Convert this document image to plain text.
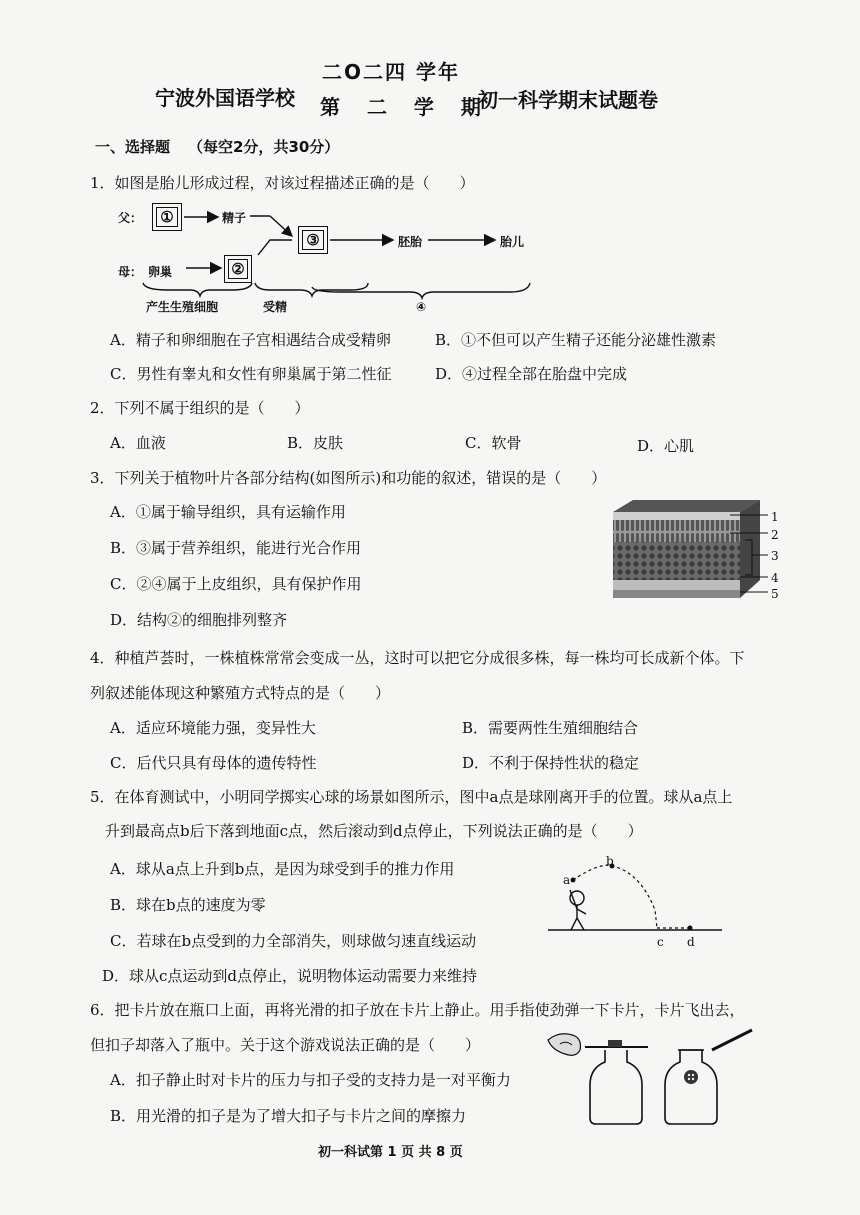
二O二四 学年
宁波外国语学校 第 二 学 期
初一科学期末试题卷
一、选择题 （每空2分，共30分）
1．如图是胎儿形成过程，对该过程描述正确的是（　　）
父： ①	精子
母： 卵巢	②
③	胚胎	胎儿
产生生殖细胞	受精	④
A．精子和卵细胞在子宫相遇结合成受精卵	B．①不但可以产生精子还能分泌雄性激素
C．男性有睾丸和女性有卵巢属于第二性征	D．④过程全部在胎盘中完成
2．下列不属于组织的是（　　）
A．血液	B．皮肤	C．软骨	D．心肌
3．下列关于植物叶片各部分结构(如图所示)和功能的叙述，错误的是（　　）
A．①属于输导组织，具有运输作用
B．③属于营养组织，能进行光合作用
C．②④属于上皮组织，具有保护作用
D．结构②的细胞排列整齐
1
2
3
4
5
4．种植芦荟时，一株植株常常会变成一丛，这时可以把它分成很多株，每一株均可长成新个体。下
列叙述能体现这种繁殖方式特点的是（　　）
A．适应环境能力强，变异性大	B．需要两性生殖细胞结合
C．后代只具有母体的遗传特性	D．不利于保持性状的稳定
5．在体育测试中，小明同学掷实心球的场景如图所示，图中a点是球刚离开手的位置。球从a点上
升到最高点b后下落到地面c点，然后滚动到d点停止，下列说法正确的是（　　）
A．球从a点上升到b点，是因为球受到手的推力作用
B．球在b点的速度为零
C．若球在b点受到的力全部消失，则球做匀速直线运动
D．球从c点运动到d点停止，说明物体运动需要力来维持
a
b
c d
6．把卡片放在瓶口上面，再将光滑的扣子放在卡片上静止。用手指使劲弹一下卡片，卡片飞出去，
但扣子却落入了瓶中。关于这个游戏说法正确的是（　　）
A．扣子静止时对卡片的压力与扣子受的支持力是一对平衡力
B．用光滑的扣子是为了增大扣子与卡片之间的摩擦力
初一科试第 1 页 共 8 页
